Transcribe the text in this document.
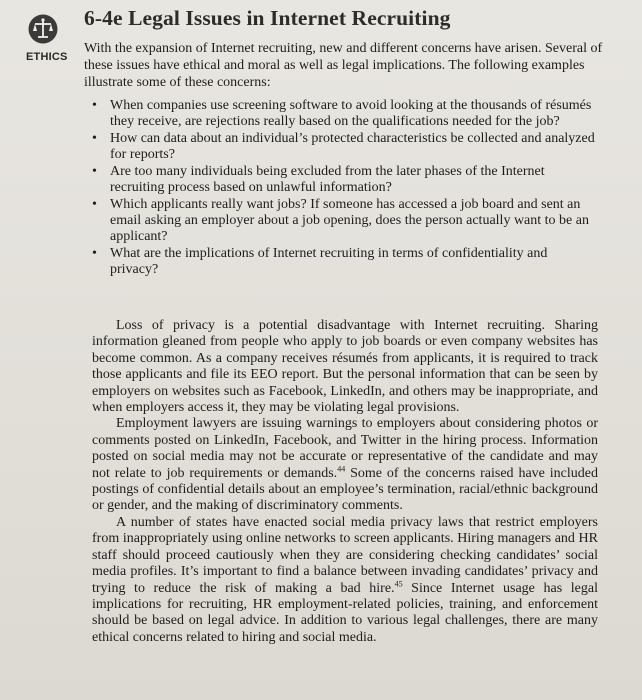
ETHICS
6-4e Legal Issues in Internet Recruiting
With the expansion of Internet recruiting, new and different concerns have arisen. Several of these issues have ethical and moral as well as legal implications. The following examples illustrate some of these concerns:
• When companies use screening software to avoid looking at the thousands of résumés they receive, are rejections really based on the qualifications needed for the job?
• How can data about an individual’s protected characteristics be collected and analyzed for reports?
• Are too many individuals being excluded from the later phases of the Internet recruiting process based on unlawful information?
• Which applicants really want jobs? If someone has accessed a job board and sent an email asking an employer about a job opening, does the person actually want to be an applicant?
• What are the implications of Internet recruiting in terms of confidentiality and privacy?

Loss of privacy is a potential disadvantage with Internet recruiting. Sharing information gleaned from people who apply to job boards or even company websites has become common. As a company receives résumés from applicants, it is required to track those applicants and file its EEO report. But the personal information that can be seen by employers on websites such as Facebook, LinkedIn, and others may be inappropriate, and when employers access it, they may be violating legal provisions.

Employment lawyers are issuing warnings to employers about considering photos or comments posted on LinkedIn, Facebook, and Twitter in the hiring process. Information posted on social media may not be accurate or representative of the candidate and may not relate to job requirements or demands.$^{44}$ Some of the concerns raised have included postings of confidential details about an employee’s termination, racial/ethnic background or gender, and the making of discriminatory comments.

A number of states have enacted social media privacy laws that restrict employers from inappropriately using online networks to screen applicants. Hiring managers and HR staff should proceed cautiously when they are considering checking candidates’ social media profiles. It’s important to find a balance between invading candidates’ privacy and trying to reduce the risk of making a bad hire.$^{45}$ Since Internet usage has legal implications for recruiting, HR employment-related policies, training, and enforcement should be based on legal advice. In addition to various legal challenges, there are many ethical concerns related to hiring and social media.
